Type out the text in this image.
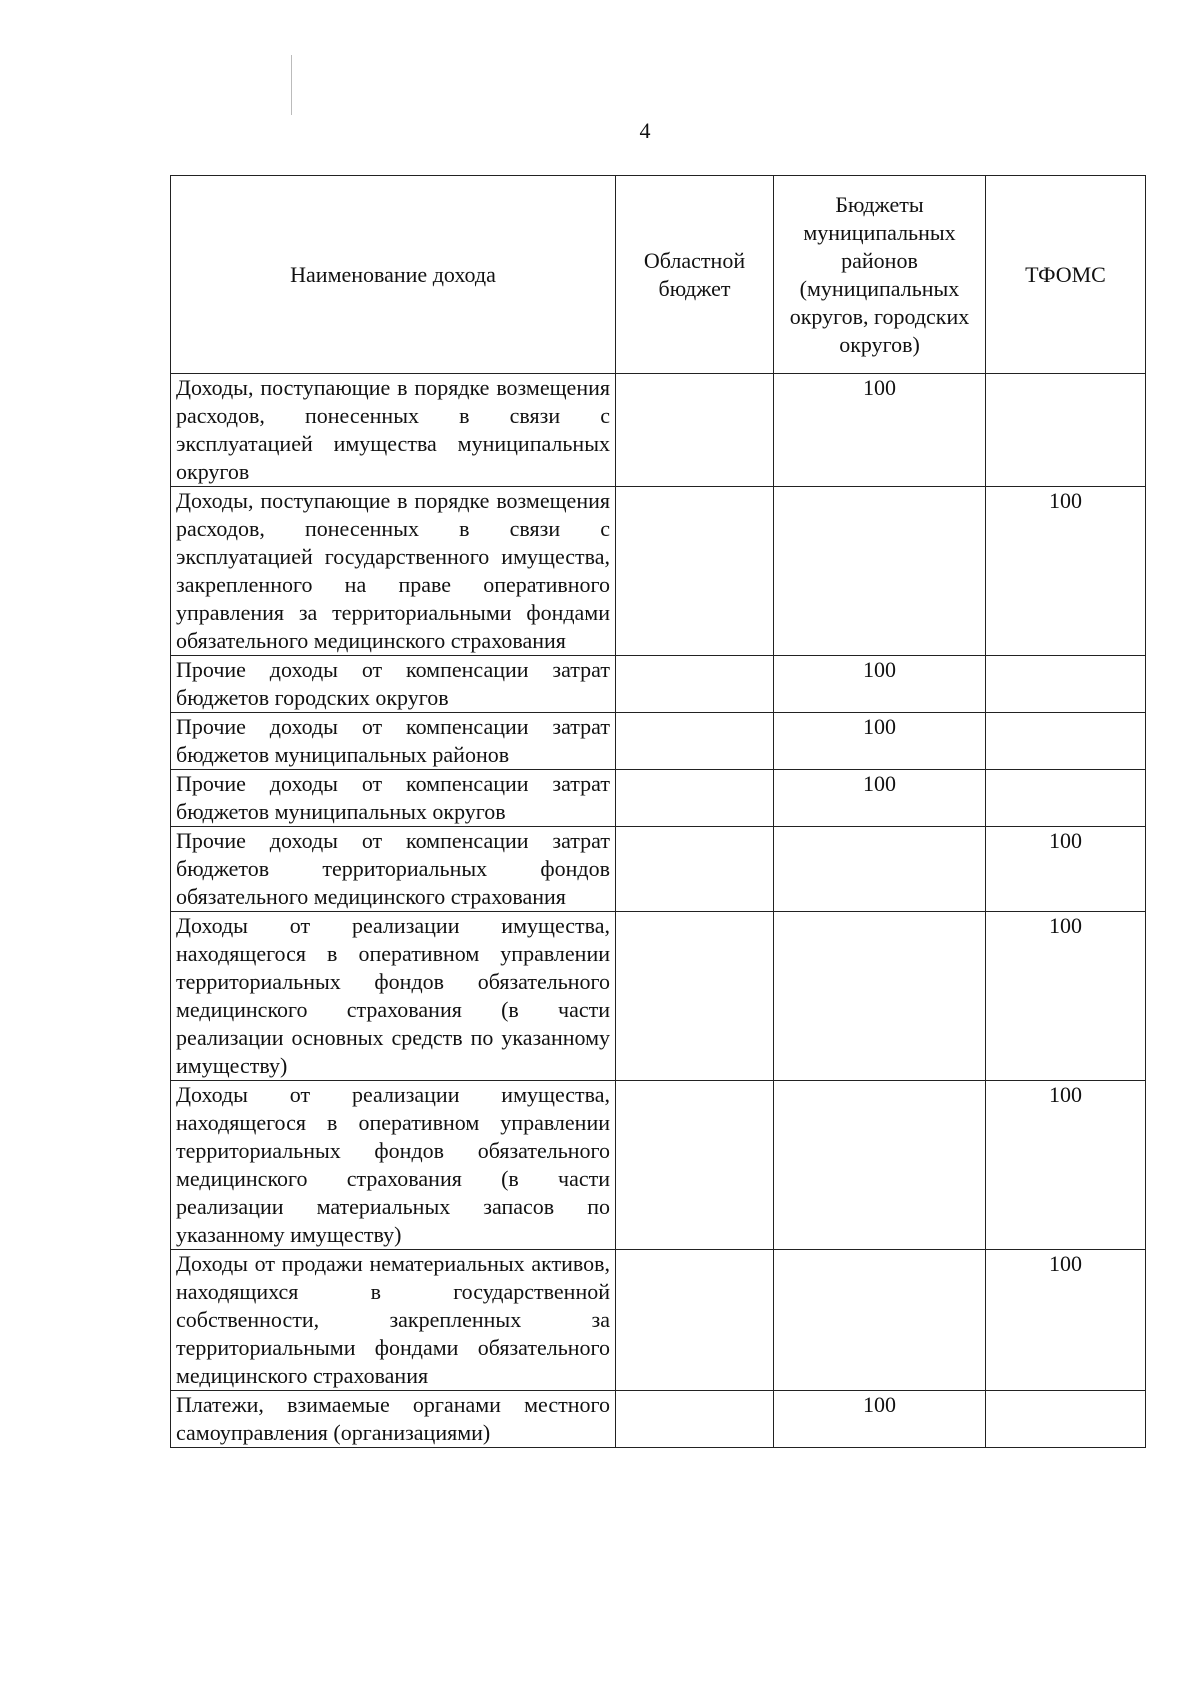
4
Наименование дохода	Областной бюджет	Бюджеты муниципальных районов (муниципальных округов, городских округов)	ТФОМС
Доходы, поступающие в порядке возмещения расходов, понесенных в связи с эксплуатацией имущества муниципальных округов		100	
Доходы, поступающие в порядке возмещения расходов, понесенных в связи с эксплуатацией государственного имущества, закрепленного на праве оперативного управления за территориальными фондами обязательного медицинского страхования			100
Прочие доходы от компенсации затрат бюджетов городских округов		100	
Прочие доходы от компенсации затрат бюджетов муниципальных районов		100	
Прочие доходы от компенсации затрат бюджетов муниципальных округов		100	
Прочие доходы от компенсации затрат бюджетов территориальных фондов обязательного медицинского страхования			100
Доходы от реализации имущества, находящегося в оперативном управлении территориальных фондов обязательного медицинского страхования (в части реализации основных средств по указанному имуществу)			100
Доходы от реализации имущества, находящегося в оперативном управлении территориальных фондов обязательного медицинского страхования (в части реализации материальных запасов по указанному имуществу)			100
Доходы от продажи нематериальных активов, находящихся в государственной собственности, закрепленных за территориальными фондами обязательного медицинского страхования			100
Платежи, взимаемые органами местного самоуправления (организациями)		100	
